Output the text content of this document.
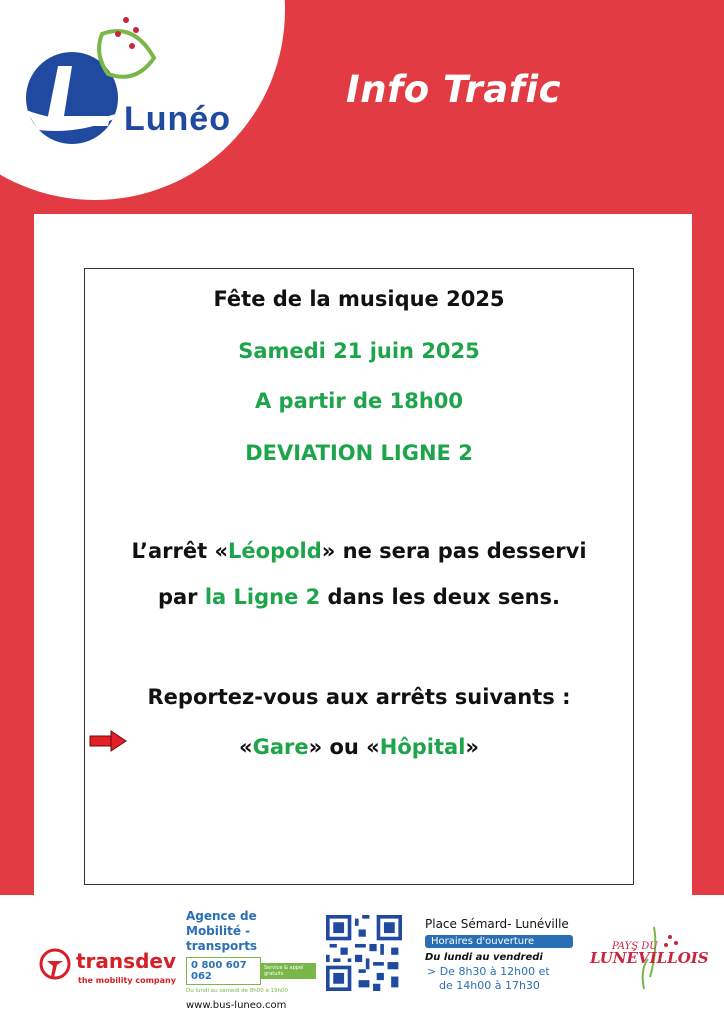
Lunéo
Info Trafic
Fête de la musique 2025
Samedi 21 juin 2025
A partir de 18h00
DEVIATION LIGNE 2
L’arrêt «Léopold» ne sera pas desservi
par la Ligne 2 dans les deux sens.
Reportez-vous aux arrêts suivants :
«Gare» ou «Hôpital»
transdev
the mobility company
Agence de
Mobilité - transports
0 800 607 062
Service & appel gratuits
Du lundi au samedi de 8h00 à 19h00
www.bus-luneo.com
Place Sémard- Lunéville
Horaires d'ouverture
Du lundi au vendredi
> De 8h30 à 12h00 et
de 14h00 à 17h30
PAYS DU
LUNÉVILLOIS
